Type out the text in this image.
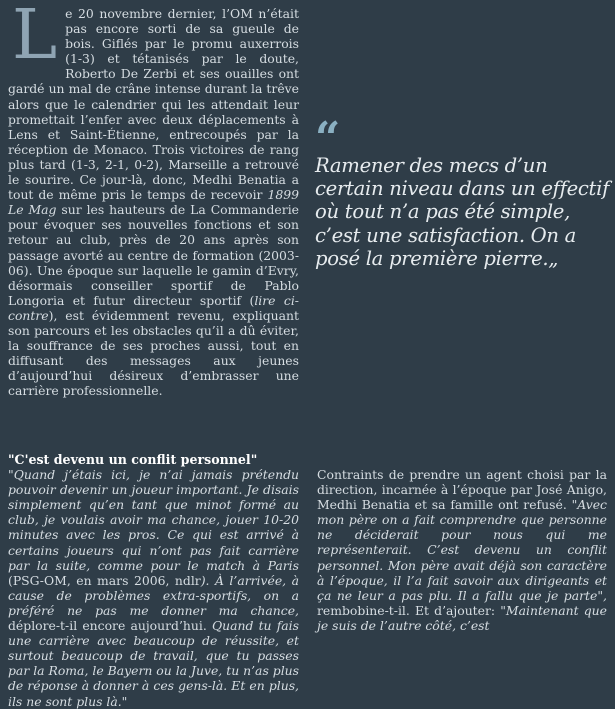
L e 20 novembre dernier, l’OM n’était pas encore sorti de sa gueule de bois. Giflés par le promu auxerrois (1-3) et tétanisés par le doute, Roberto De Zerbi et ses ouailles ont gardé un mal de crâne intense durant la trêve alors que le calendrier qui les attendait leur promettait l’enfer avec deux déplacements à Lens et Saint-Étienne, entrecoupés par la réception de Monaco. Trois victoires de rang plus tard (1-3, 2-1, 0-2), Marseille a retrouvé le sourire. Ce jour-là, donc, Medhi Benatia a tout de même pris le temps de recevoir 1899 Le Mag sur les hauteurs de La Commanderie pour évoquer ses nouvelles fonctions et son retour au club, près de 20 ans après son passage avorté au centre de formation (2003-06). Une époque sur laquelle le gamin d’Evry, désormais conseiller sportif de Pablo Longoria et futur directeur sportif (lire ci-contre), est évidemment revenu, expliquant son parcours et les obstacles qu’il a dû éviter, la souffrance de ses proches aussi, tout en diffusant des messages aux jeunes d’aujourd’hui désireux d’embrasser une carrière professionnelle.
“
Ramener des mecs d’un certain niveau dans un effectif où tout n’a pas été simple, c’est une satisfaction. On a posé la première pierre.„

"C'est devenu un conflit personnel"

"Quand j’étais ici, je n’ai jamais prétendu pouvoir devenir un joueur important. Je disais simplement qu’en tant que minot formé au club, je voulais avoir ma chance, jouer 10-20 minutes avec les pros. Ce qui est arrivé à certains joueurs qui n’ont pas fait carrière par la suite, comme pour le match à Paris (PSG-OM, en mars 2006, ndlr). À l’arrivée, à cause de problèmes extra-sportifs, on a préféré ne pas me donner ma chance, déplore-t-il encore aujourd’hui. Quand tu fais une carrière avec beaucoup de réussite, et surtout beaucoup de travail, que tu passes par la Roma, le Bayern ou la Juve, tu n’as plus de réponse à donner à ces gens-là. Et en plus, ils ne sont plus là."

Contraints de prendre un agent choisi par la direction, incarnée à l’époque par José Anigo, Medhi Benatia et sa famille ont refusé. "Avec mon père on a fait comprendre que personne ne déciderait pour nous qui me représenterait. C’est devenu un conflit personnel. Mon père avait déjà son caractère à l’époque, il l’a fait savoir aux dirigeants et ça ne leur a pas plu. Il a fallu que je parte", rembobine-t-il. Et d’ajouter: "Maintenant que je suis de l’autre côté, c’est
